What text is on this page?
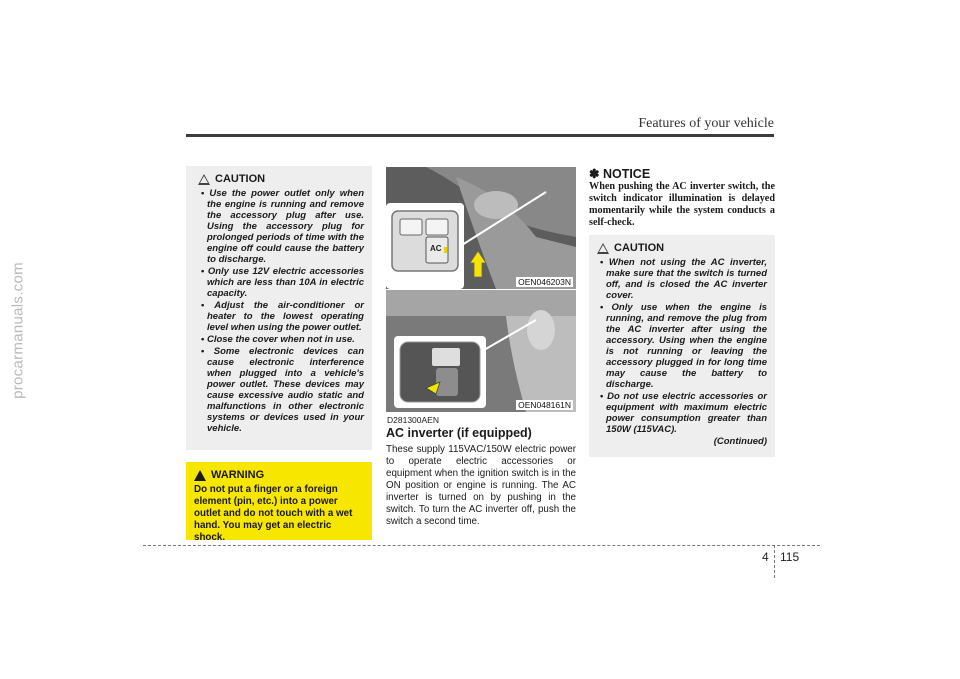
procarmanuals.com
Features of your vehicle
CAUTION
• Use the power outlet only when the engine is running and remove the accessory plug after use. Using the accessory plug for prolonged periods of time with the engine off could cause the battery to discharge.
• Only use 12V electric accessories which are less than 10A in electric capacity.
• Adjust the air-conditioner or heater to the lowest operating level when using the power outlet.
• Close the cover when not in use.
• Some electronic devices can cause electronic interference when plugged into a vehicle's power outlet. These devices may cause excessive audio static and malfunctions in other electronic systems or devices used in your vehicle.
WARNING
Do not put a finger or a foreign element (pin, etc.) into a power outlet and do not touch with a wet hand. You may get an electric shock.
AC
OEN046203N
OEN048161N
D281300AEN
AC inverter (if equipped)
These supply 115VAC/150W electric power to operate electric accessories or equipment when the ignition switch is in the ON position or engine is running. The AC inverter is turned on by pushing in the switch. To turn the AC inverter off, push the switch a second time.
✽ NOTICE
When pushing the AC inverter switch, the switch indicator illumination is delayed momentarily while the system conducts a self-check.
CAUTION
• When not using the AC inverter, make sure that the switch is turned off, and is closed the AC inverter cover.
• Only use when the engine is running, and remove the plug from the AC inverter after using the accessory. Using when the engine is not running or leaving the accessory plugged in for long time may cause the battery to discharge.
• Do not use electric accessories or equipment with maximum electric power consumption greater than 150W (115VAC).
(Continued)
4 115
